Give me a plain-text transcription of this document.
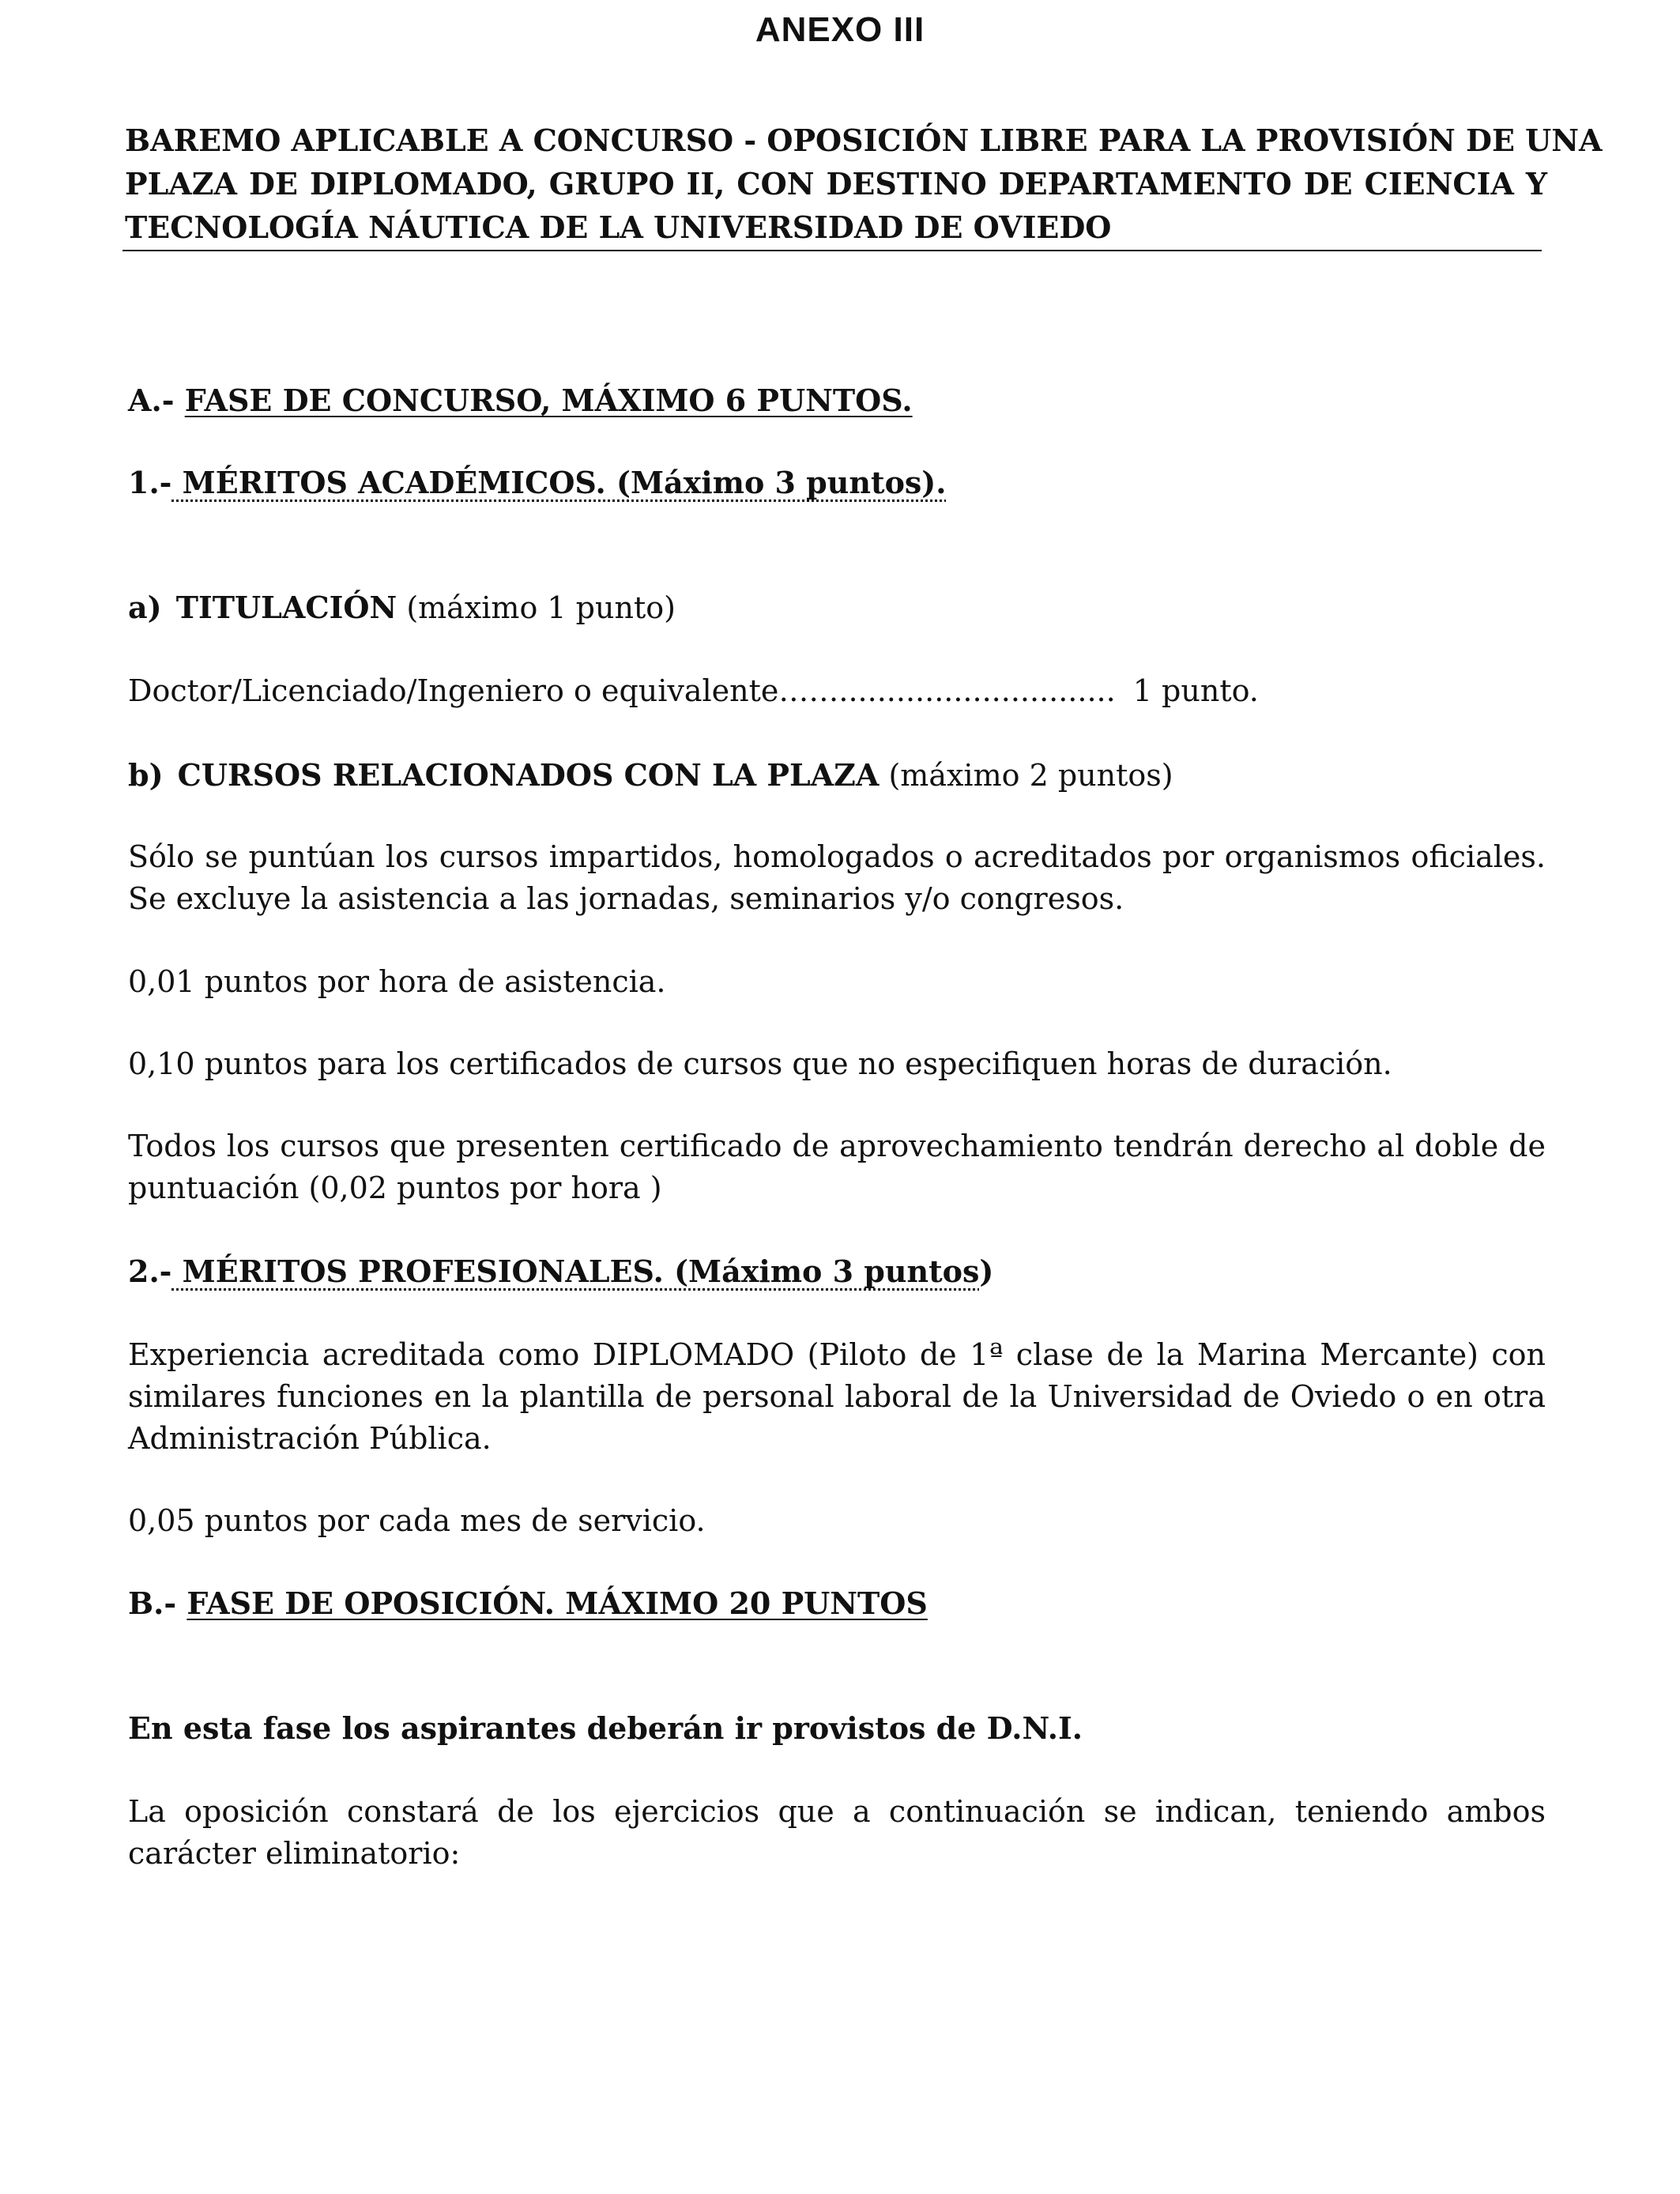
ANEXO III
BAREMO APLICABLE A CONCURSO - OPOSICIÓN LIBRE PARA LA PROVISIÓN DE UNA
PLAZA DE DIPLOMADO, GRUPO II, CON DESTINO DEPARTAMENTO DE CIENCIA Y
TECNOLOGÍA NÁUTICA DE LA UNIVERSIDAD DE OVIEDO
A.- FASE DE CONCURSO, MÁXIMO 6 PUNTOS.
1.- MÉRITOS ACADÉMICOS. (Máximo 3 puntos).
a) TITULACIÓN (máximo 1 punto)
Doctor/Licenciado/Ingeniero o equivalente……............................. 1 punto.
b) CURSOS RELACIONADOS CON LA PLAZA (máximo 2 puntos)
Sólo se puntúan los cursos impartidos, homologados o acreditados por organismos oficiales. Se excluye la asistencia a las jornadas, seminarios y/o congresos.
0,01 puntos por hora de asistencia.
0,10 puntos para los certificados de cursos que no especifiquen horas de duración.
Todos los cursos que presenten certificado de aprovechamiento tendrán derecho al doble de puntuación (0,02 puntos por hora )
2.- MÉRITOS PROFESIONALES. (Máximo 3 puntos)
Experiencia acreditada como DIPLOMADO (Piloto de 1ª clase de la Marina Mercante) con similares funciones en la plantilla de personal laboral de la Universidad de Oviedo o en otra Administración Pública.
0,05 puntos por cada mes de servicio.
B.- FASE DE OPOSICIÓN. MÁXIMO 20 PUNTOS
En esta fase los aspirantes deberán ir provistos de D.N.I.
La oposición constará de los ejercicios que a continuación se indican, teniendo ambos carácter eliminatorio:
